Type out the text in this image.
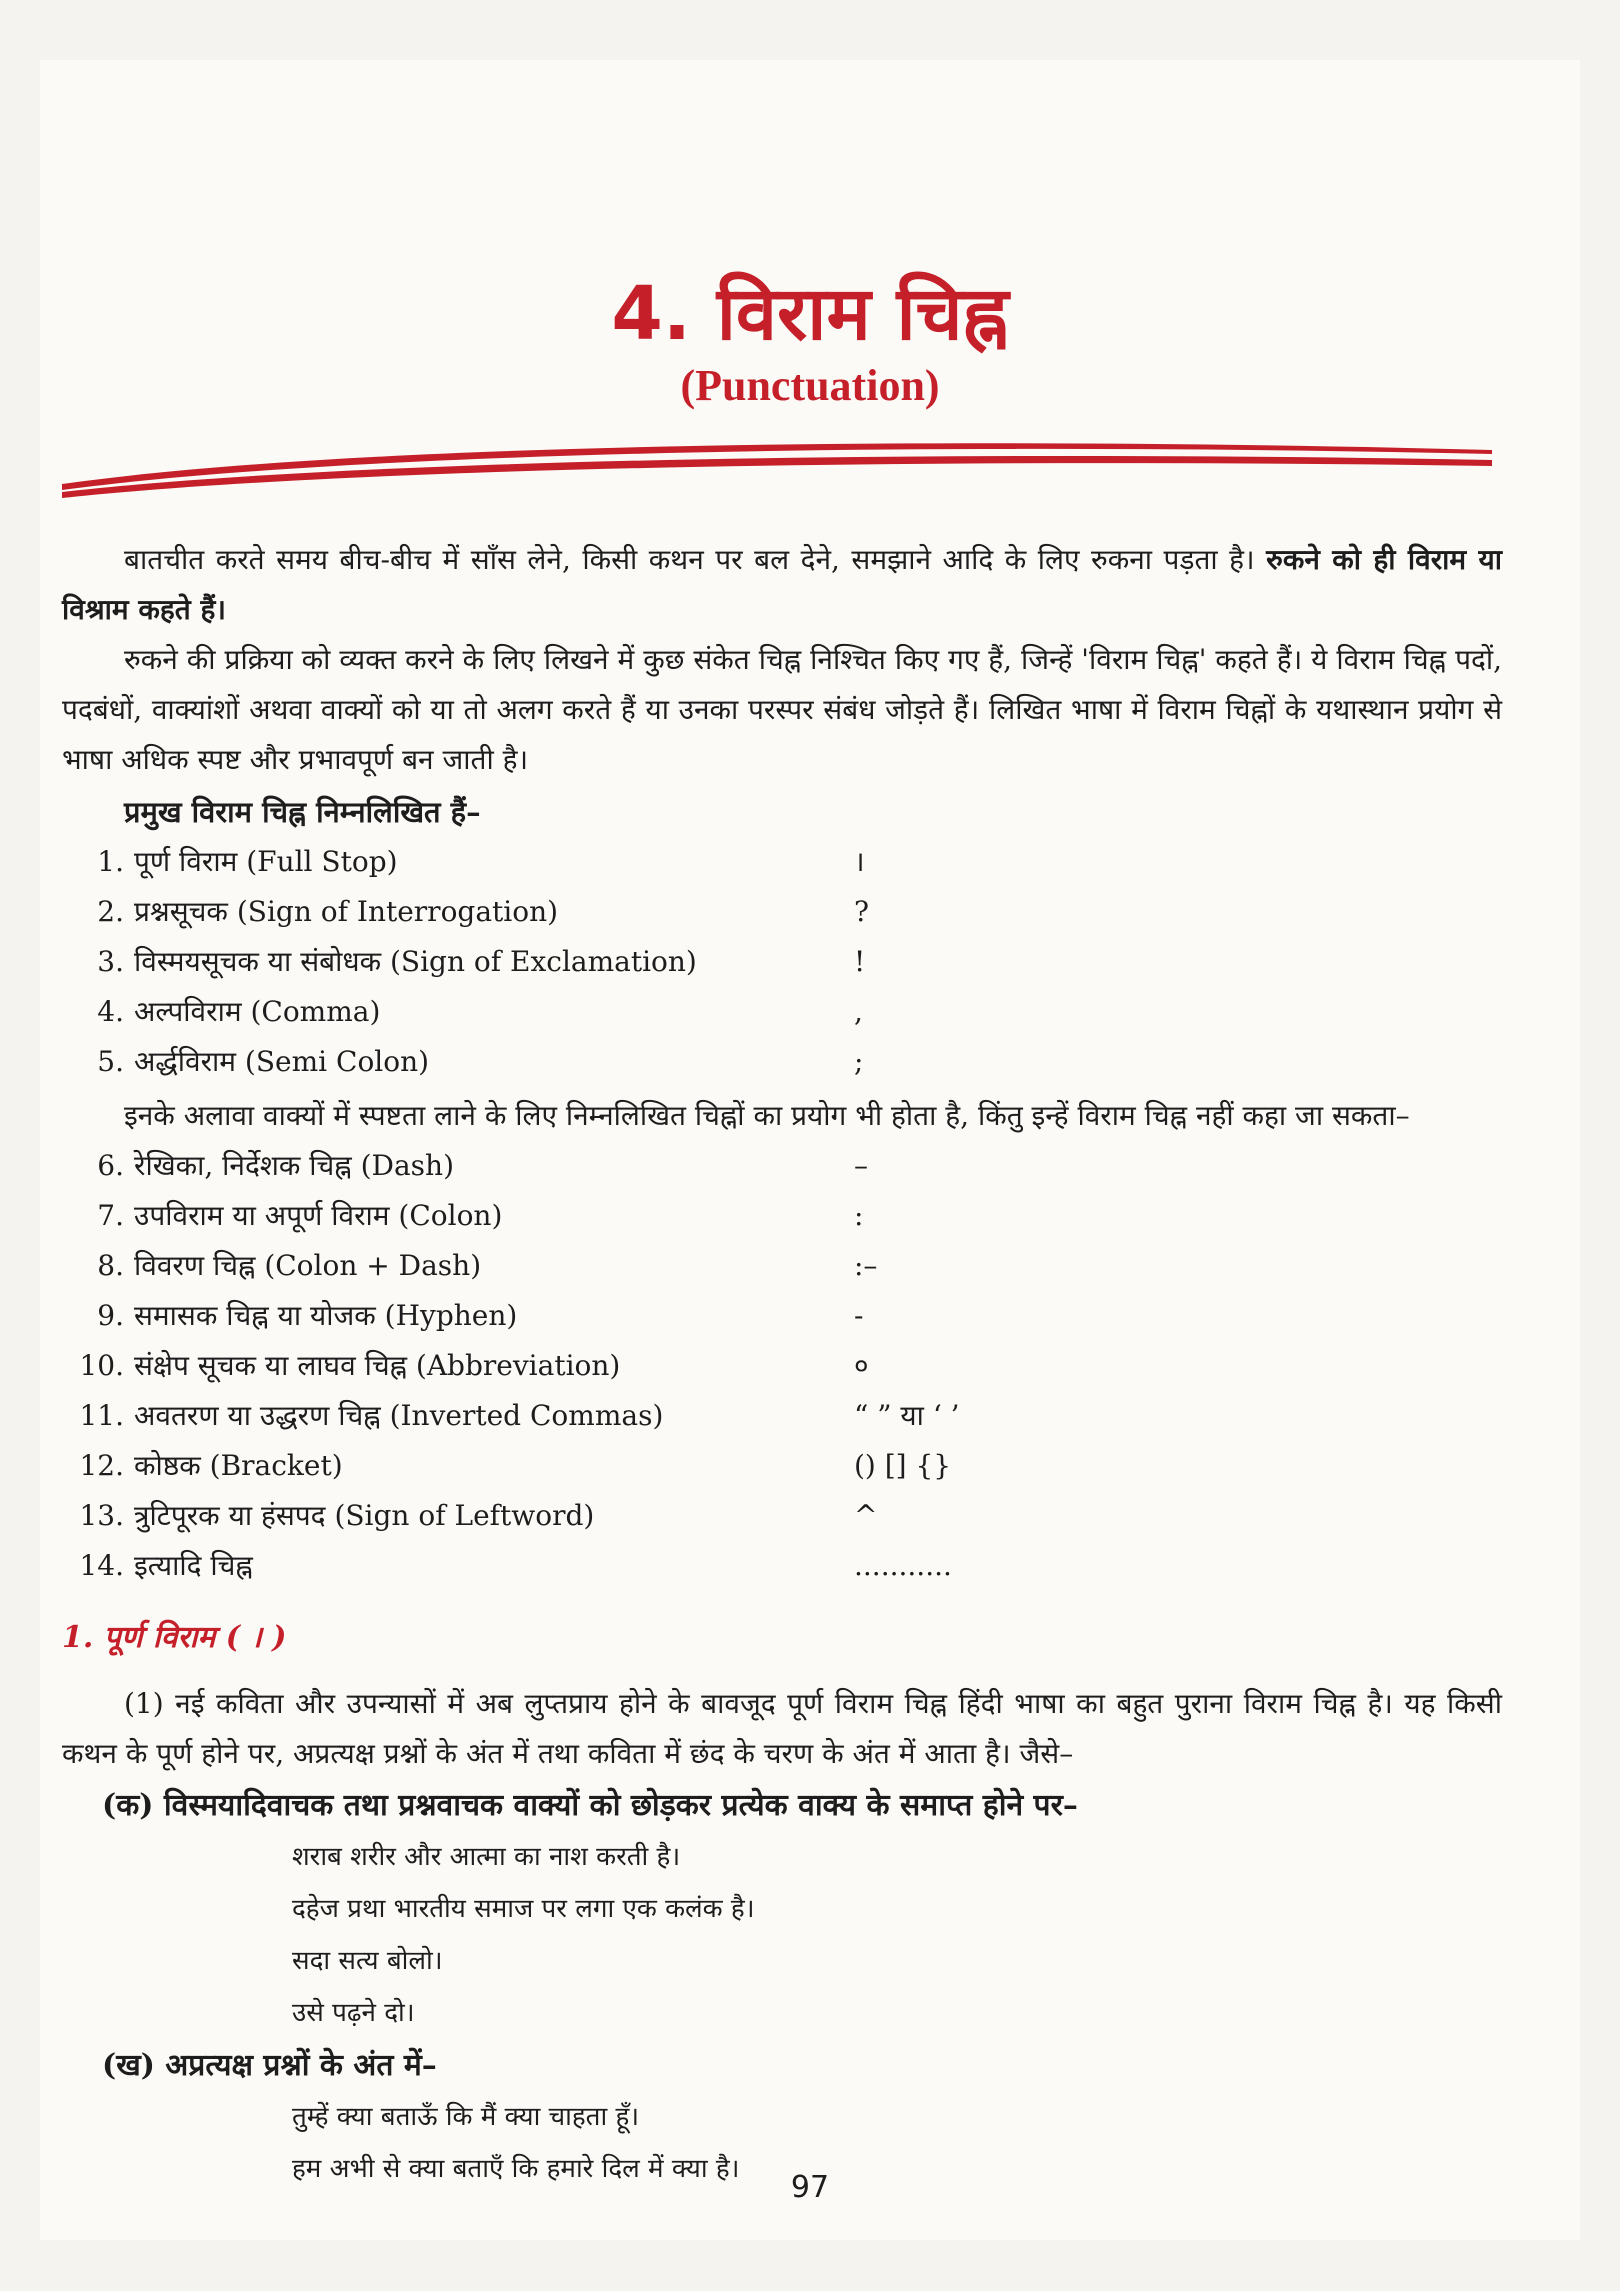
4. विराम चिह्न
(Punctuation)

बातचीत करते समय बीच-बीच में साँस लेने, किसी कथन पर बल देने, समझाने आदि के लिए रुकना पड़ता है। रुकने को ही विराम या विश्राम कहते हैं।

रुकने की प्रक्रिया को व्यक्त करने के लिए लिखने में कुछ संकेत चिह्न निश्चित किए गए हैं, जिन्हें 'विराम चिह्न' कहते हैं। ये विराम चिह्न पदों, पदबंधों, वाक्यांशों अथवा वाक्यों को या तो अलग करते हैं या उनका परस्पर संबंध जोड़ते हैं। लिखित भाषा में विराम चिह्नों के यथास्थान प्रयोग से भाषा अधिक स्पष्ट और प्रभावपूर्ण बन जाती है।

प्रमुख विराम चिह्न निम्नलिखित हैं–
1. पूर्ण विराम (Full Stop)	।
2. प्रश्नसूचक (Sign of Interrogation)	?
3. विस्मयसूचक या संबोधक (Sign of Exclamation)	!
4. अल्पविराम (Comma)	,
5. अर्द्धविराम (Semi Colon)	;

इनके अलावा वाक्यों में स्पष्टता लाने के लिए निम्नलिखित चिह्नों का प्रयोग भी होता है, किंतु इन्हें विराम चिह्न नहीं कहा जा सकता–

6. रेखिका, निर्देशक चिह्न (Dash)	–
7. उपविराम या अपूर्ण विराम (Colon)	:
8. विवरण चिह्न (Colon + Dash)	:–
9. समासक चिह्न या योजक (Hyphen)	-
10. संक्षेप सूचक या लाघव चिह्न (Abbreviation)	०
11. अवतरण या उद्धरण चिह्न (Inverted Commas)	“ ” या ‘ ’
12. कोष्ठक (Bracket)	() [] {}
13. त्रुटिपूरक या हंसपद (Sign of Leftword)	^
14. इत्यादि चिह्न	...........
1. पूर्ण विराम ( । )

(1) नई कविता और उपन्यासों में अब लुप्तप्राय होने के बावजूद पूर्ण विराम चिह्न हिंदी भाषा का बहुत पुराना विराम चिह्न है। यह किसी कथन के पूर्ण होने पर, अप्रत्यक्ष प्रश्नों के अंत में तथा कविता में छंद के चरण के अंत में आता है। जैसे–

(क) विस्मयादिवाचक तथा प्रश्नवाचक वाक्यों को छोड़कर प्रत्येक वाक्य के समाप्त होने पर–
शराब शरीर और आत्मा का नाश करती है।
दहेज प्रथा भारतीय समाज पर लगा एक कलंक है।
सदा सत्य बोलो।
उसे पढ़ने दो।
(ख) अप्रत्यक्ष प्रश्नों के अंत में–
तुम्हें क्या बताऊँ कि मैं क्या चाहता हूँ।
हम अभी से क्या बताएँ कि हमारे दिल में क्या है।
97
